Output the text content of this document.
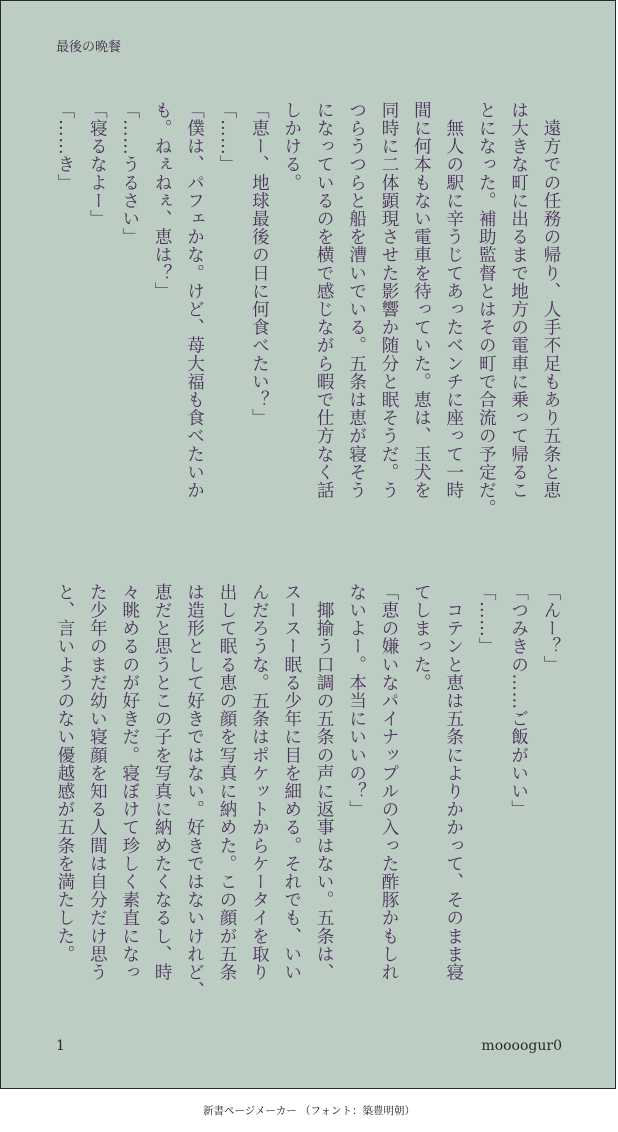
最後の晩餐
　遠方での任務の帰り、人手不足もあり五条と恵
は大きな町に出るまで地方の電車に乗って帰るこ
とになった。補助監督とはその町で合流の予定だ。
　無人の駅に辛うじてあったベンチに座って一時
間に何本もない電車を待っていた。恵は、玉犬を
同時に二体顕現させた影響か随分と眠そうだ。う
つらうつらと船を漕いでいる。五条は恵が寝そう
になっているのを横で感じながら暇で仕方なく話
しかける。
「恵ー、地球最後の日に何食べたい？」
「……」
「僕は、パフェかな。けど、苺大福も食べたいか
も。ねぇねぇ、恵は？」
「……うるさい」
「寝るなよー」
「……き」
「んー？」
「つみきの……ご飯がいい」
「……」
　コテンと恵は五条によりかかって、そのまま寝
てしまった。
「恵の嫌いなパイナップルの入った酢豚かもしれ
ないよー。本当にいいの？」
　揶揄う口調の五条の声に返事はない。五条は、
スースー眠る少年に目を細める。それでも、いい
んだろうな。五条はポケットからケータイを取り
出して眠る恵の顔を写真に納めた。この顔が五条
は造形として好きではない。好きではないけれど、
恵だと思うとこの子を写真に納めたくなるし、時
々眺めるのが好きだ。寝ぼけて珍しく素直になっ
た少年のまだ幼い寝顔を知る人間は自分だけ思う
と、言いようのない優越感が五条を満たした。
1	moooogur0
新書ページメーカー （フォント：築豊明朝）
